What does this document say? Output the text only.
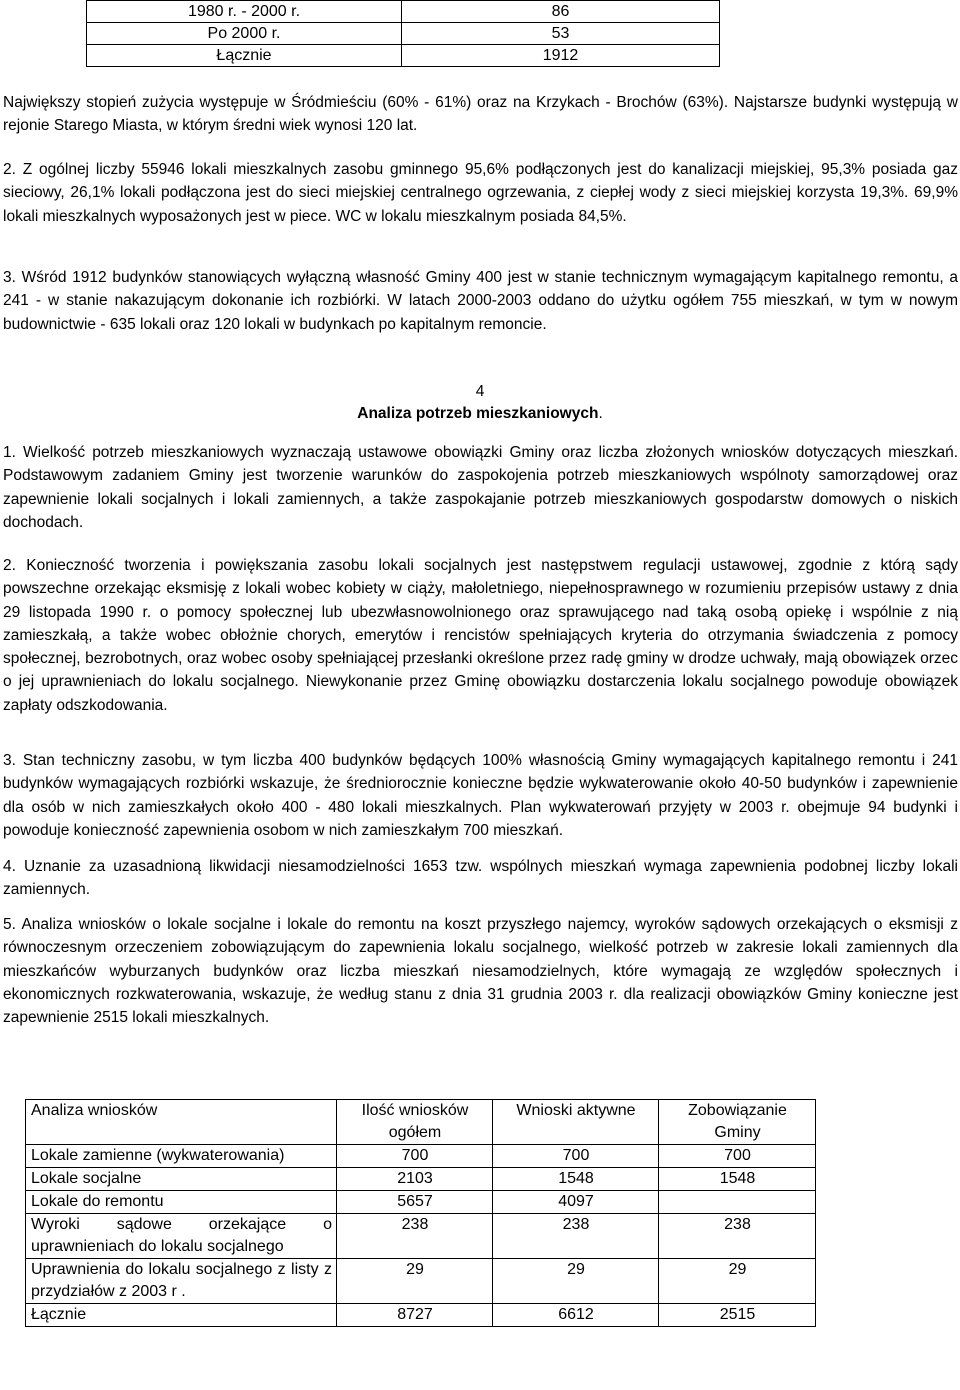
1980 r. - 2000 r.	86
Po 2000 r.	53
Łącznie	1912

Największy stopień zużycia występuje w Śródmieściu (60% - 61%) oraz na Krzykach - Brochów (63%). Najstarsze budynki występują w rejonie Starego Miasta, w którym średni wiek wynosi 120 lat.

2. Z ogólnej liczby 55946 lokali mieszkalnych zasobu gminnego 95,6% podłączonych jest do kanalizacji miejskiej, 95,3% posiada gaz sieciowy, 26,1% lokali podłączona jest do sieci miejskiej centralnego ogrzewania, z ciepłej wody z sieci miejskiej korzysta 19,3%. 69,9% lokali mieszkalnych wyposażonych jest w piece. WC w lokalu mieszkalnym posiada 84,5%.

3. Wśród 1912 budynków stanowiących wyłączną własność Gminy 400 jest w stanie technicznym wymagającym kapitalnego remontu, a 241 - w stanie nakazującym dokonanie ich rozbiórki. W latach 2000-2003 oddano do użytku ogółem 755 mieszkań, w tym w nowym budownictwie - 635 lokali oraz 120 lokali w budynkach po kapitalnym remoncie.

4
Analiza potrzeb mieszkaniowych.

1. Wielkość potrzeb mieszkaniowych wyznaczają ustawowe obowiązki Gminy oraz liczba złożonych wniosków dotyczących mieszkań. Podstawowym zadaniem Gminy jest tworzenie warunków do zaspokojenia potrzeb mieszkaniowych wspólnoty samorządowej oraz zapewnienie lokali socjalnych i lokali zamiennych, a także zaspokajanie potrzeb mieszkaniowych gospodarstw domowych o niskich dochodach.

2. Konieczność tworzenia i powiększania zasobu lokali socjalnych jest następstwem regulacji ustawowej, zgodnie z którą sądy powszechne orzekając eksmisję z lokali wobec kobiety w ciąży, małoletniego, niepełnosprawnego w rozumieniu przepisów ustawy z dnia 29 listopada 1990 r. o pomocy społecznej lub ubezwłasnowolnionego oraz sprawującego nad taką osobą opiekę i wspólnie z nią zamieszkałą, a także wobec obłożnie chorych, emerytów i rencistów spełniających kryteria do otrzymania świadczenia z pomocy społecznej, bezrobotnych, oraz wobec osoby spełniającej przesłanki określone przez radę gminy w drodze uchwały, mają obowiązek orzec o jej uprawnieniach do lokalu socjalnego. Niewykonanie przez Gminę obowiązku dostarczenia lokalu socjalnego powoduje obowiązek zapłaty odszkodowania.

3. Stan techniczny zasobu, w tym liczba 400 budynków będących 100% własnością Gminy wymagających kapitalnego remontu i 241 budynków wymagających rozbiórki wskazuje, że średniorocznie konieczne będzie wykwaterowanie około 40-50 budynków i zapewnienie dla osób w nich zamieszkałych około 400 - 480 lokali mieszkalnych. Plan wykwaterowań przyjęty w 2003 r. obejmuje 94 budynki i powoduje konieczność zapewnienia osobom w nich zamieszkałym 700 mieszkań.

4. Uznanie za uzasadnioną likwidacji niesamodzielności 1653 tzw. wspólnych mieszkań wymaga zapewnienia podobnej liczby lokali zamiennych.

5. Analiza wniosków o lokale socjalne i lokale do remontu na koszt przyszłego najemcy, wyroków sądowych orzekających o eksmisji z równoczesnym orzeczeniem zobowiązującym do zapewnienia lokalu socjalnego, wielkość potrzeb w zakresie lokali zamiennych dla mieszkańców wyburzanych budynków oraz liczba mieszkań niesamodzielnych, które wymagają ze względów społecznych i ekonomicznych rozkwaterowania, wskazuje, że według stanu z dnia 31 grudnia 2003 r. dla realizacji obowiązków Gminy konieczne jest zapewnienie 2515 lokali mieszkalnych.

Analiza wniosków	Ilość wniosków ogółem	Wnioski aktywne	Zobowiązanie Gminy
Lokale zamienne (wykwaterowania)	700	700	700
Lokale socjalne	2103	1548	1548
Lokale do remontu	5657	4097	
Wyroki sądowe orzekające o uprawnieniach do lokalu socjalnego	238	238	238
Uprawnienia do lokalu socjalnego z listy z przydziałów z 2003 r .	29	29	29
Łącznie	8727	6612	2515
